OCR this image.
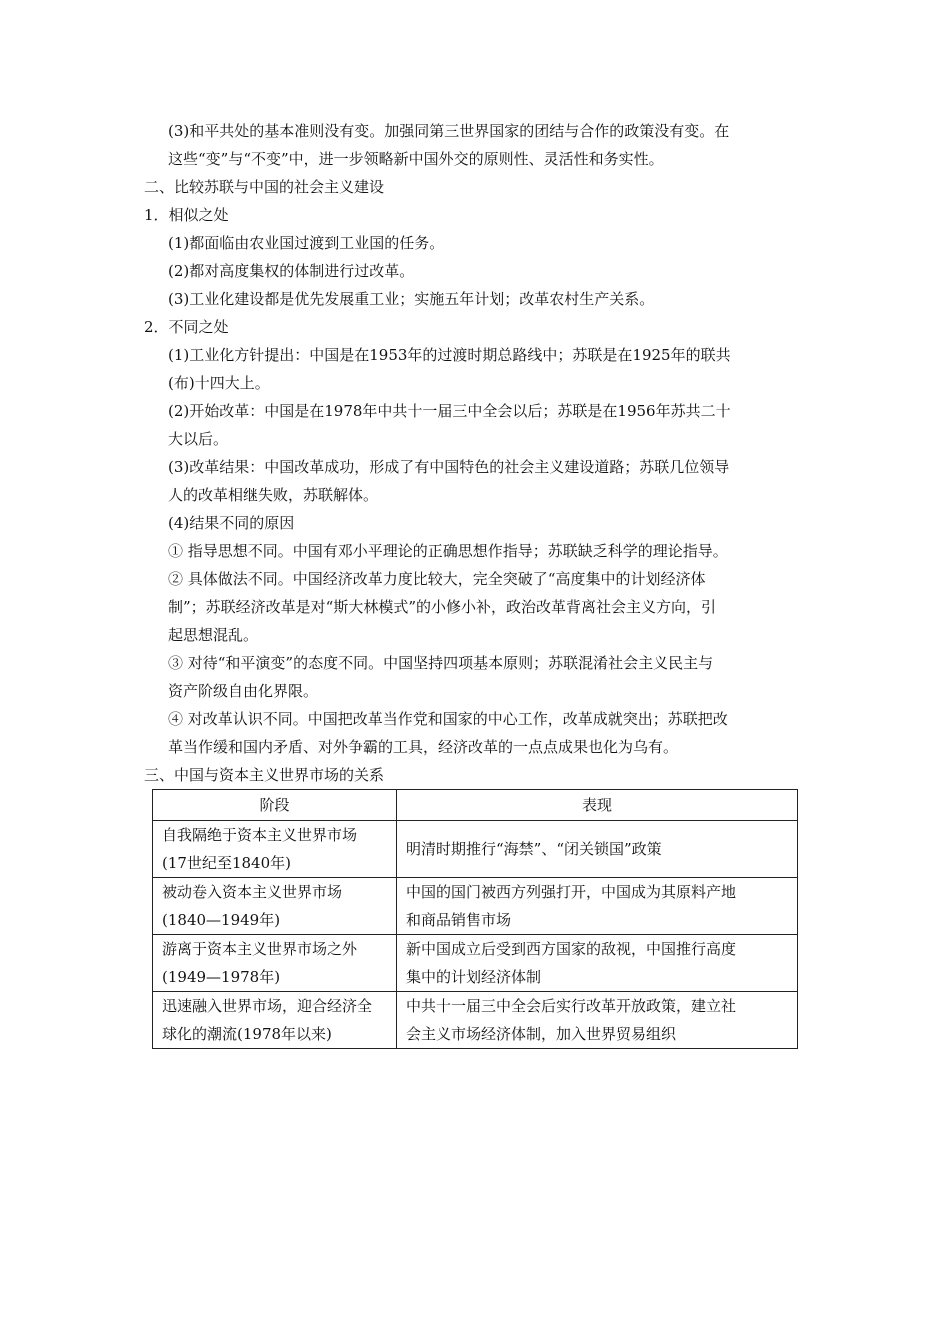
(3)和平共处的基本准则没有变。加强同第三世界国家的团结与合作的政策没有变。在
这些“变”与“不变”中，进一步领略新中国外交的原则性、灵活性和务实性。
二、比较苏联与中国的社会主义建设
1．相似之处
(1)都面临由农业国过渡到工业国的任务。
(2)都对高度集权的体制进行过改革。
(3)工业化建设都是优先发展重工业；实施五年计划；改革农村生产关系。
2．不同之处
(1)工业化方针提出：中国是在1953年的过渡时期总路线中；苏联是在1925年的联共
(布)十四大上。
(2)开始改革：中国是在1978年中共十一届三中全会以后；苏联是在1956年苏共二十
大以后。
(3)改革结果：中国改革成功，形成了有中国特色的社会主义建设道路；苏联几位领导
人的改革相继失败，苏联解体。
(4)结果不同的原因
① 指导思想不同。中国有邓小平理论的正确思想作指导；苏联缺乏科学的理论指导。
② 具体做法不同。中国经济改革力度比较大，完全突破了“高度集中的计划经济体
制”；苏联经济改革是对“斯大林模式”的小修小补，政治改革背离社会主义方向，引
起思想混乱。
③ 对待“和平演变”的态度不同。中国坚持四项基本原则；苏联混淆社会主义民主与
资产阶级自由化界限。
④ 对改革认识不同。中国把改革当作党和国家的中心工作，改革成就突出；苏联把改
革当作缓和国内矛盾、对外争霸的工具，经济改革的一点点成果也化为乌有。
三、中国与资本主义世界市场的关系
阶段	表现

自我隔绝于资本主义世界市场
(17世纪至1840年)	明清时期推行“海禁”、“闭关锁国”政策

被动卷入资本主义世界市场
(1840—1949年)	中国的国门被西方列强打开，中国成为其原料产地
和商品销售市场

游离于资本主义世界市场之外
(1949—1978年)	新中国成立后受到西方国家的敌视，中国推行高度
集中的计划经济体制

迅速融入世界市场，迎合经济全
球化的潮流(1978年以来)	中共十一届三中全会后实行改革开放政策，建立社
会主义市场经济体制，加入世界贸易组织
